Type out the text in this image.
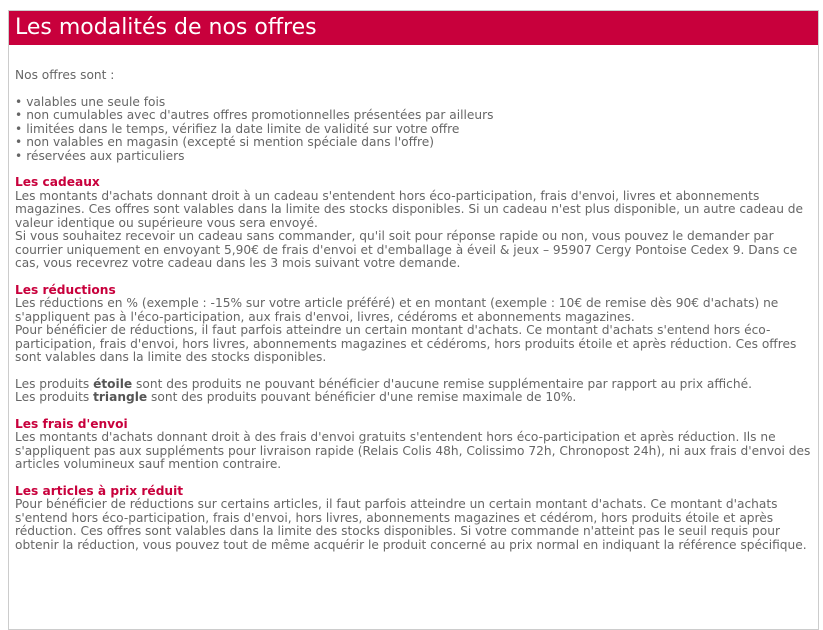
Les modalités de nos offres

Nos offres sont :

• valables une seule fois
• non cumulables avec d'autres offres promotionnelles présentées par ailleurs
• limitées dans le temps, vérifiez la date limite de validité sur votre offre
• non valables en magasin (excepté si mention spéciale dans l'offre)
• réservées aux particuliers
Les cadeaux

Les montants d'achats donnant droit à un cadeau s'entendent hors éco-participation, frais d'envoi, livres et abonnements magazines. Ces offres sont valables dans la limite des stocks disponibles. Si un cadeau n'est plus disponible, un autre cadeau de valeur identique ou supérieure vous sera envoyé.

Si vous souhaitez recevoir un cadeau sans commander, qu'il soit pour réponse rapide ou non, vous pouvez le demander par courrier uniquement en envoyant 5,90€ de frais d'envoi et d'emballage à éveil & jeux – 95907 Cergy Pontoise Cedex 9. Dans ce cas, vous recevrez votre cadeau dans les 3 mois suivant votre demande.

Les réductions

Les réductions en % (exemple : -15% sur votre article préféré) et en montant (exemple : 10€ de remise dès 90€ d'achats) ne s'appliquent pas à l'éco-participation, aux frais d'envoi, livres, cédéroms et abonnements magazines.

Pour bénéficier de réductions, il faut parfois atteindre un certain montant d'achats. Ce montant d'achats s'entend hors éco-participation, frais d'envoi, hors livres, abonnements magazines et cédéroms, hors produits étoile et après réduction. Ces offres sont valables dans la limite des stocks disponibles.

Les produits étoile sont des produits ne pouvant bénéficier d'aucune remise supplémentaire par rapport au prix affiché.

Les produits triangle sont des produits pouvant bénéficier d'une remise maximale de 10%.

Les frais d'envoi

Les montants d'achats donnant droit à des frais d'envoi gratuits s'entendent hors éco-participation et après réduction. Ils ne s'appliquent pas aux suppléments pour livraison rapide (Relais Colis 48h, Colissimo 72h, Chronopost 24h), ni aux frais d'envoi des articles volumineux sauf mention contraire.

Les articles à prix réduit

Pour bénéficier de réductions sur certains articles, il faut parfois atteindre un certain montant d'achats. Ce montant d'achats s'entend hors éco-participation, frais d'envoi, hors livres, abonnements magazines et cédérom, hors produits étoile et après réduction. Ces offres sont valables dans la limite des stocks disponibles. Si votre commande n'atteint pas le seuil requis pour obtenir la réduction, vous pouvez tout de même acquérir le produit concerné au prix normal en indiquant la référence spécifique.
